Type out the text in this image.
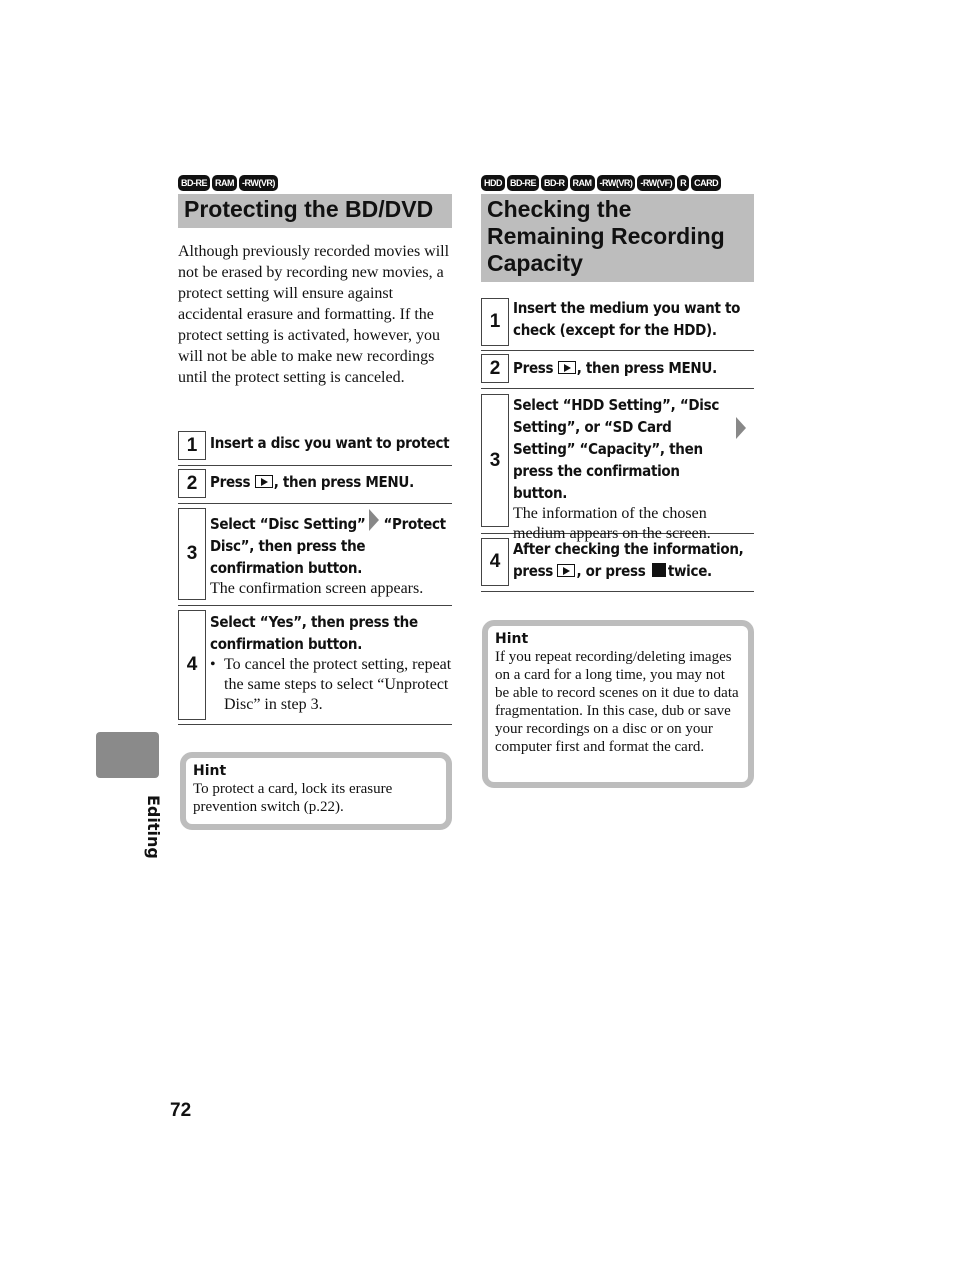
BD-RE RAM -RW(VR)
Protecting the BD/DVD

Although previously recorded movies will not be erased by recording new movies, a protect setting will ensure against accidental erasure and formatting. If the protect setting is activated, however, you will not be able to make new recordings until the protect setting is canceled.

1 Insert a disc you want to protect
2 Press , then press MENU.
3
Select “Disc Setting” “Protect Disc”, then press the confirmation button.
The confirmation screen appears.
4
Select “Yes”, then press the confirmation button.
• To cancel the protect setting, repeat the same steps to select “Unprotect Disc” in step 3.
Hint
To protect a card, lock its erasure prevention switch (p.22).
HDD BD-RE BD-R RAM -RW(VR) -RW(VF) R CARD
Checking the Remaining Recording Capacity
1
Insert the medium you want to check (except for the HDD).
2 Press , then press MENU.
3
Select “HDD Setting”, “Disc Setting”, or “SD Card Setting” “Capacity”, then press the confirmation button.
The information of the chosen medium appears on the screen.
4
After checking the information, press , or press twice.
Hint
If you repeat recording/deleting images on a card for a long time, you may not be able to record scenes on it due to data fragmentation. In this case, dub or save your recordings on a disc or on your computer first and format the card.
Editing
72
